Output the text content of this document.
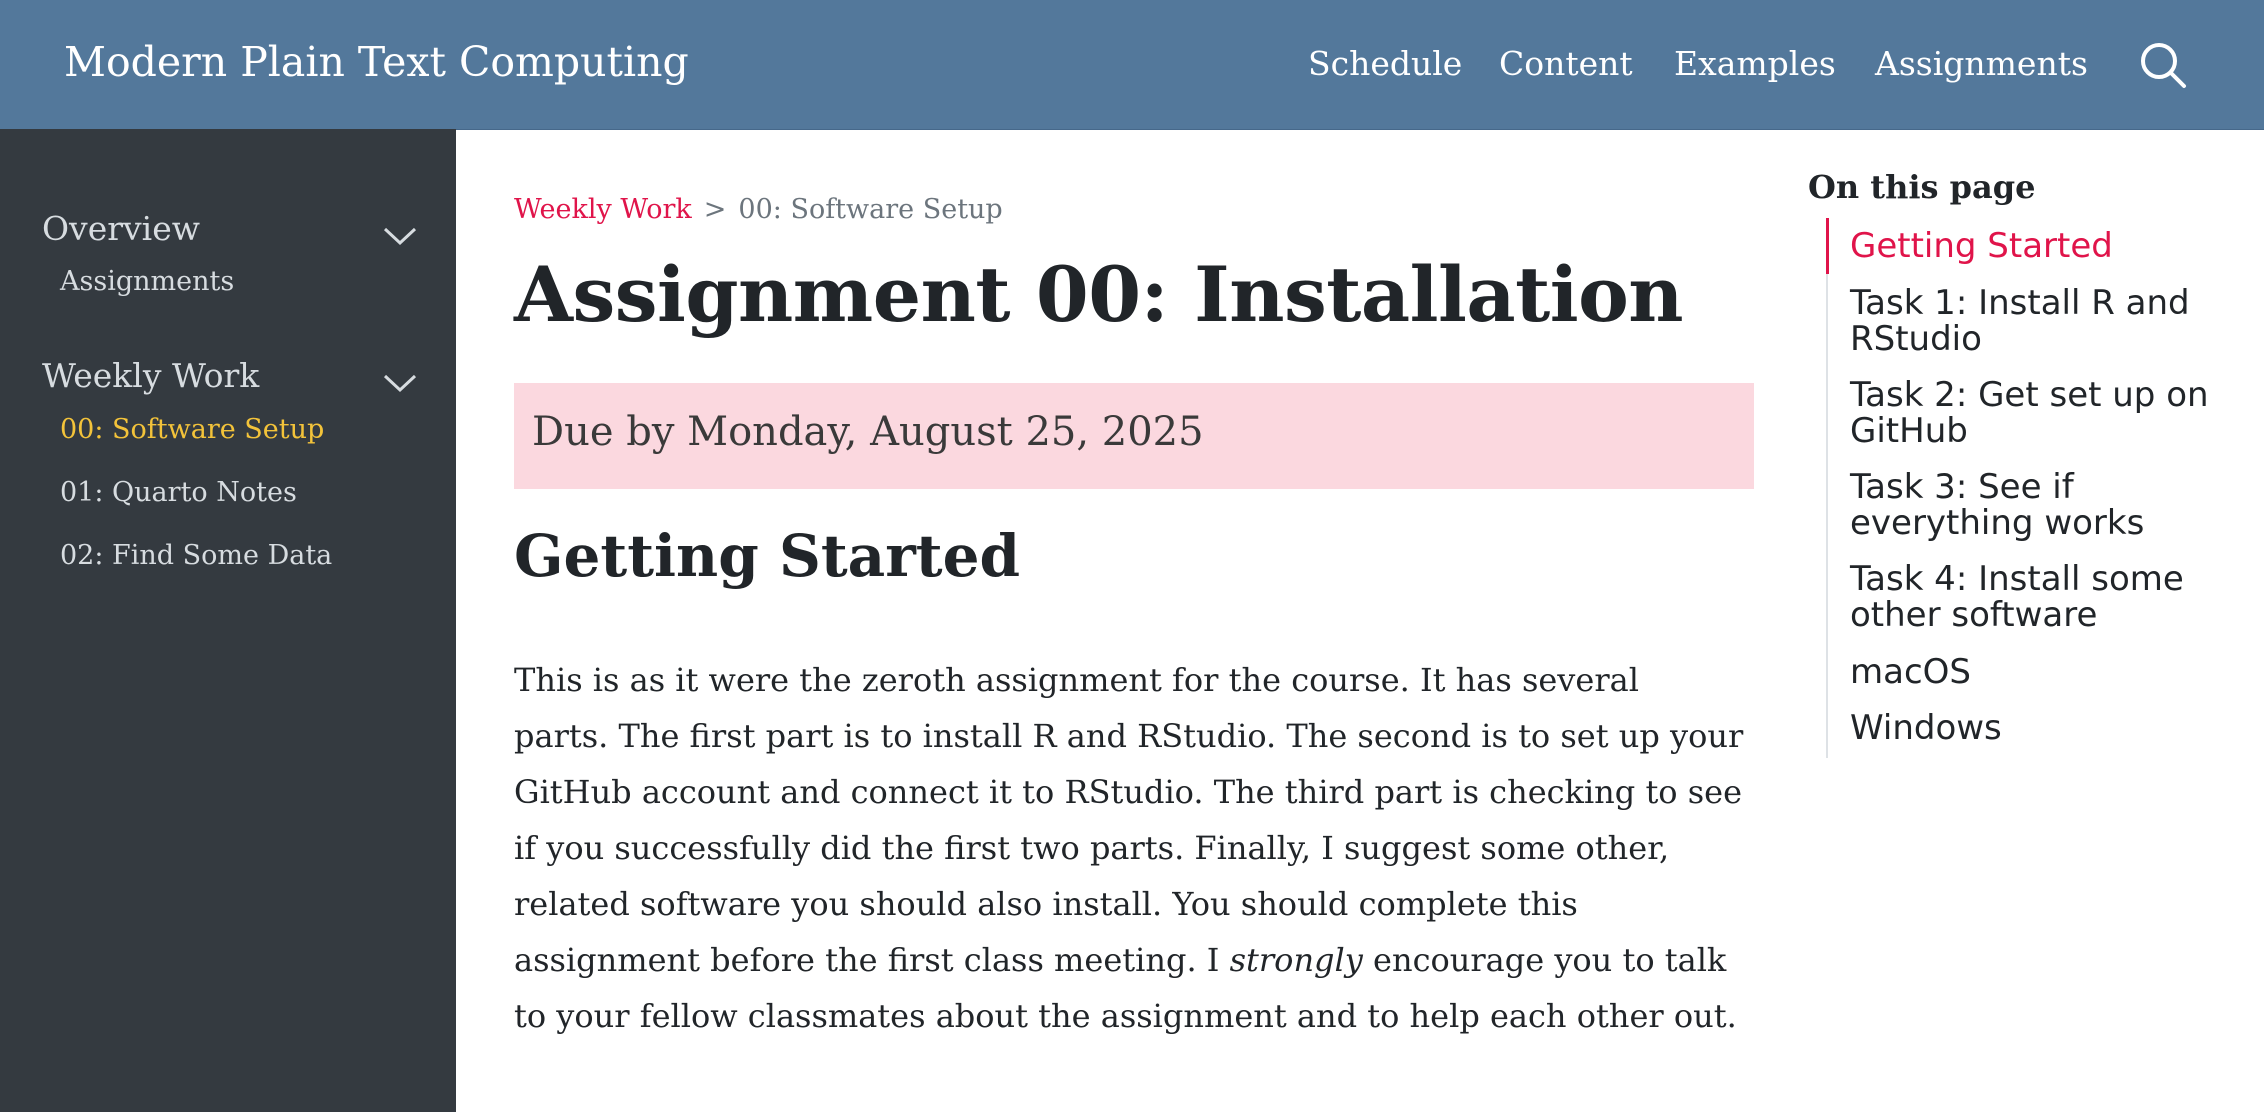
Modern Plain Text Computing	Schedule Content Examples Assignments
Overview
Assignments
Weekly Work
00: Software Setup
01: Quarto Notes
02: Find Some Data
Weekly Work > 00: Software Setup
Assignment 00: Installation
Due by Monday, August 25, 2025
Getting Started
This is as it were the zeroth assignment for the course. It has several
parts. The first part is to install R and RStudio. The second is to set up your
GitHub account and connect it to RStudio. The third part is checking to see
if you successfully did the first two parts. Finally, I suggest some other,
related software you should also install. You should complete this
assignment before the first class meeting. I strongly encourage you to talk
to your fellow classmates about the assignment and to help each other out.
On this page
Getting Started
Task 1: Install R and
RStudio
Task 2: Get set up on
GitHub
Task 3: See if
everything works
Task 4: Install some
other software
macOS
Windows
